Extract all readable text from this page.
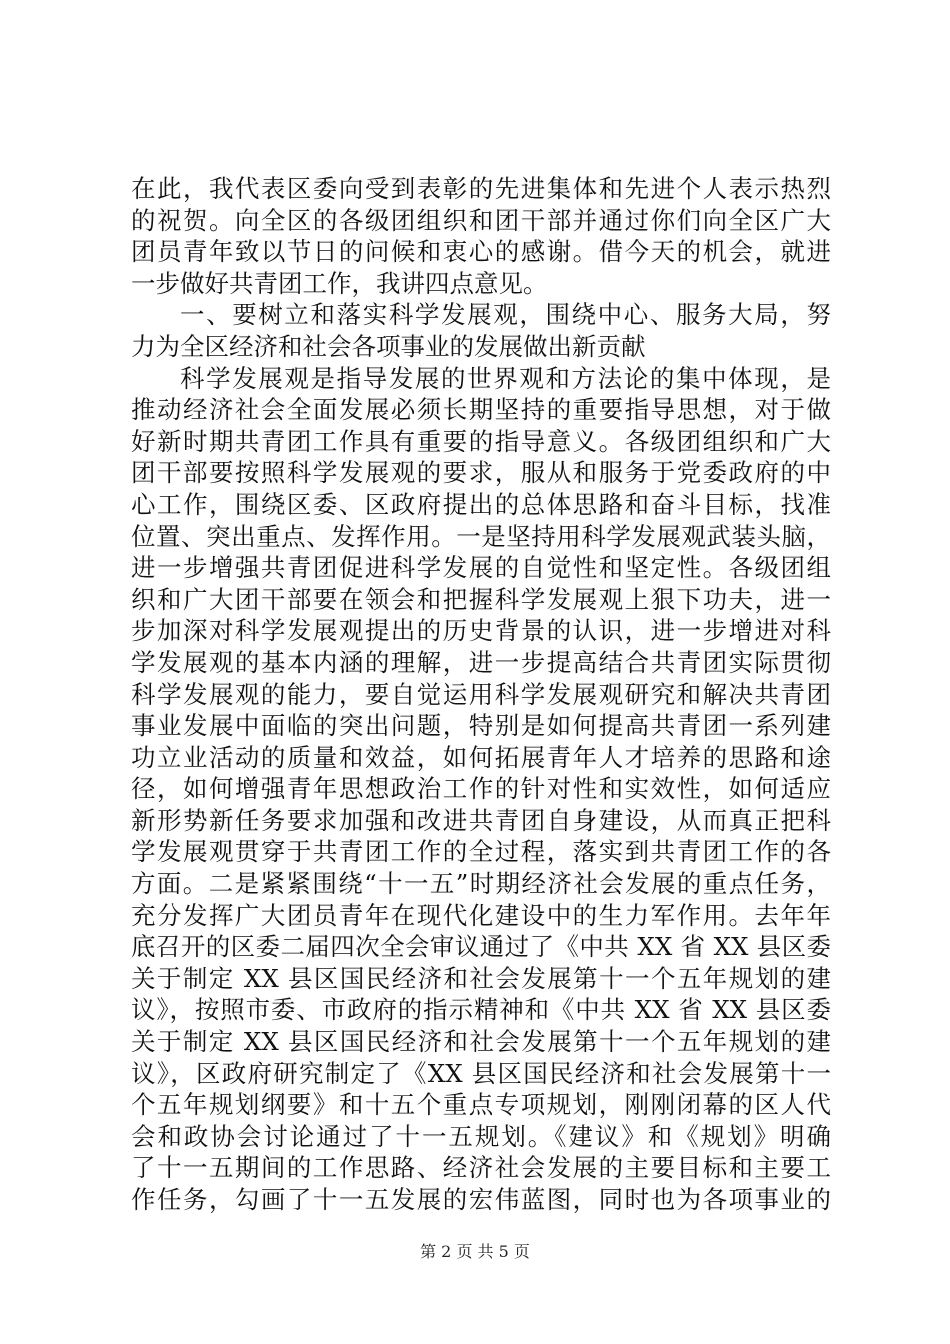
在此，我代表区委向受到表彰的先进集体和先进个人表示热烈
的祝贺。向全区的各级团组织和团干部并通过你们向全区广大
团员青年致以节日的问候和衷心的感谢。借今天的机会，就进
一步做好共青团工作，我讲四点意见。
一、要树立和落实科学发展观，围绕中心、服务大局，努
力为全区经济和社会各项事业的发展做出新贡献
科学发展观是指导发展的世界观和方法论的集中体现，是
推动经济社会全面发展必须长期坚持的重要指导思想，对于做
好新时期共青团工作具有重要的指导意义。各级团组织和广大
团干部要按照科学发展观的要求，服从和服务于党委政府的中
心工作，围绕区委、区政府提出的总体思路和奋斗目标，找准
位置、突出重点、发挥作用。一是坚持用科学发展观武装头脑，
进一步增强共青团促进科学发展的自觉性和坚定性。各级团组
织和广大团干部要在领会和把握科学发展观上狠下功夫，进一
步加深对科学发展观提出的历史背景的认识，进一步增进对科
学发展观的基本内涵的理解，进一步提高结合共青团实际贯彻
科学发展观的能力，要自觉运用科学发展观研究和解决共青团
事业发展中面临的突出问题，特别是如何提高共青团一系列建
功立业活动的质量和效益，如何拓展青年人才培养的思路和途
径，如何增强青年思想政治工作的针对性和实效性，如何适应
新形势新任务要求加强和改进共青团自身建设，从而真正把科
学发展观贯穿于共青团工作的全过程，落实到共青团工作的各
方面。二是紧紧围绕“十一五”时期经济社会发展的重点任务，
充分发挥广大团员青年在现代化建设中的生力军作用。去年年
底召开的区委二届四次全会审议通过了《中共 XX 省 XX 县区委
关于制定 XX 县区国民经济和社会发展第十一个五年规划的建
议》，按照市委、市政府的指示精神和《中共 XX 省 XX 县区委
关于制定 XX 县区国民经济和社会发展第十一个五年规划的建
议》，区政府研究制定了《XX 县区国民经济和社会发展第十一
个五年规划纲要》和十五个重点专项规划，刚刚闭幕的区人代
会和政协会讨论通过了十一五规划。《建议》和《规划》明确
了十一五期间的工作思路、经济社会发展的主要目标和主要工
作任务，勾画了十一五发展的宏伟蓝图，同时也为各项事业的
第 2 页 共 5 页
